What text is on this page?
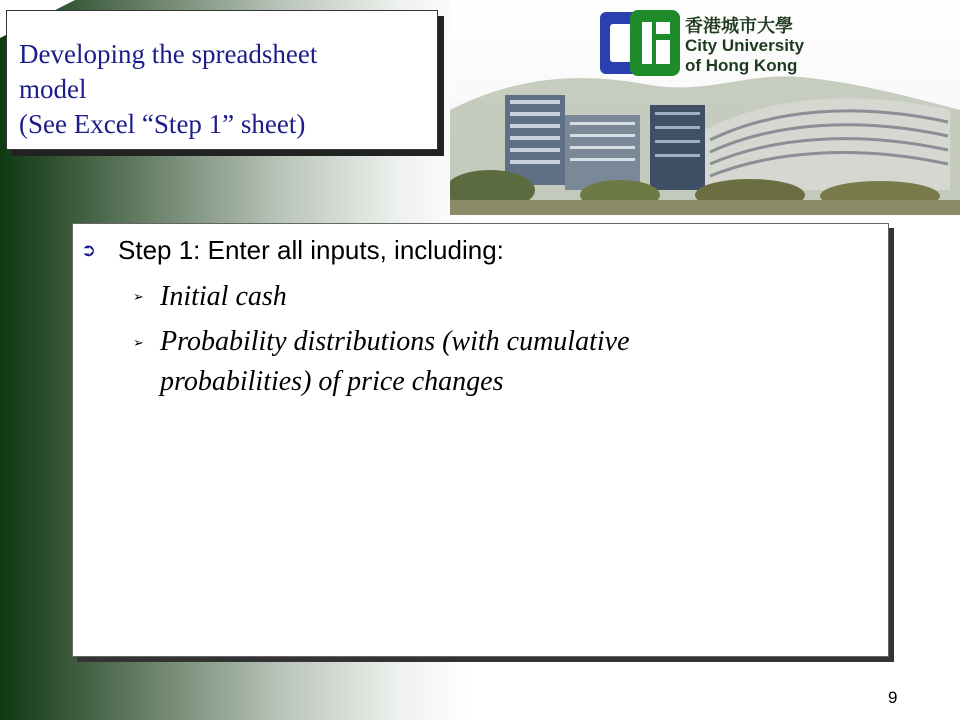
香港城市大學
City University
of Hong Kong
Developing the spreadsheet
model
(See Excel “Step 1” sheet)
➲ Step 1: Enter all inputs, including:
➢ Initial cash
➢ Probability distributions (with cumulative
probabilities) of price changes
9
